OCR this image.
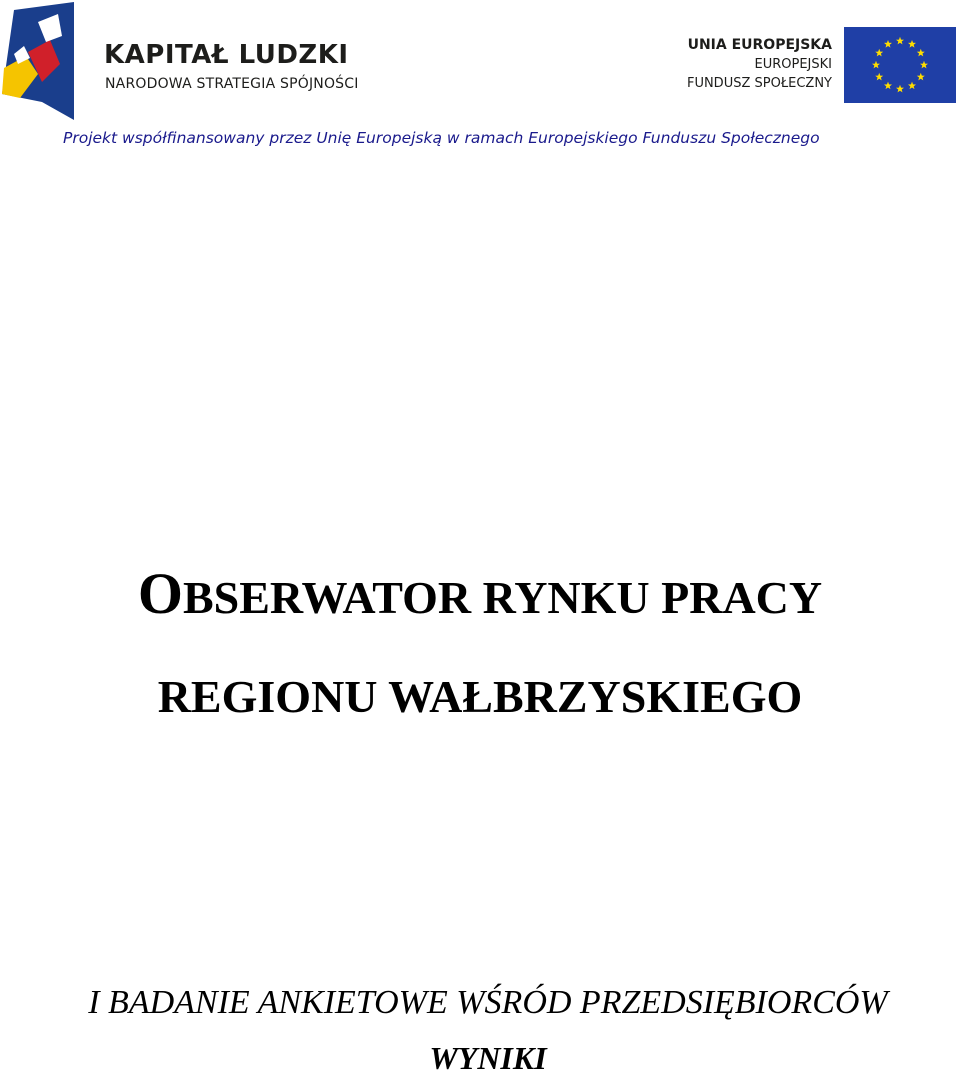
KAPITAŁ LUDZKI
NARODOWA STRATEGIA SPÓJNOŚCI
UNIA EUROPEJSKA
EUROPEJSKI
FUNDUSZ SPOŁECZNY
Projekt współfinansowany przez Unię Europejską w ramach Europejskiego Funduszu Społecznego
OBSERWATOR RYNKU PRACY
REGIONU WAŁBRZYSKIEGO
I BADANIE ANKIETOWE WŚRÓD PRZEDSIĘBIORCÓW
WYNIKI
